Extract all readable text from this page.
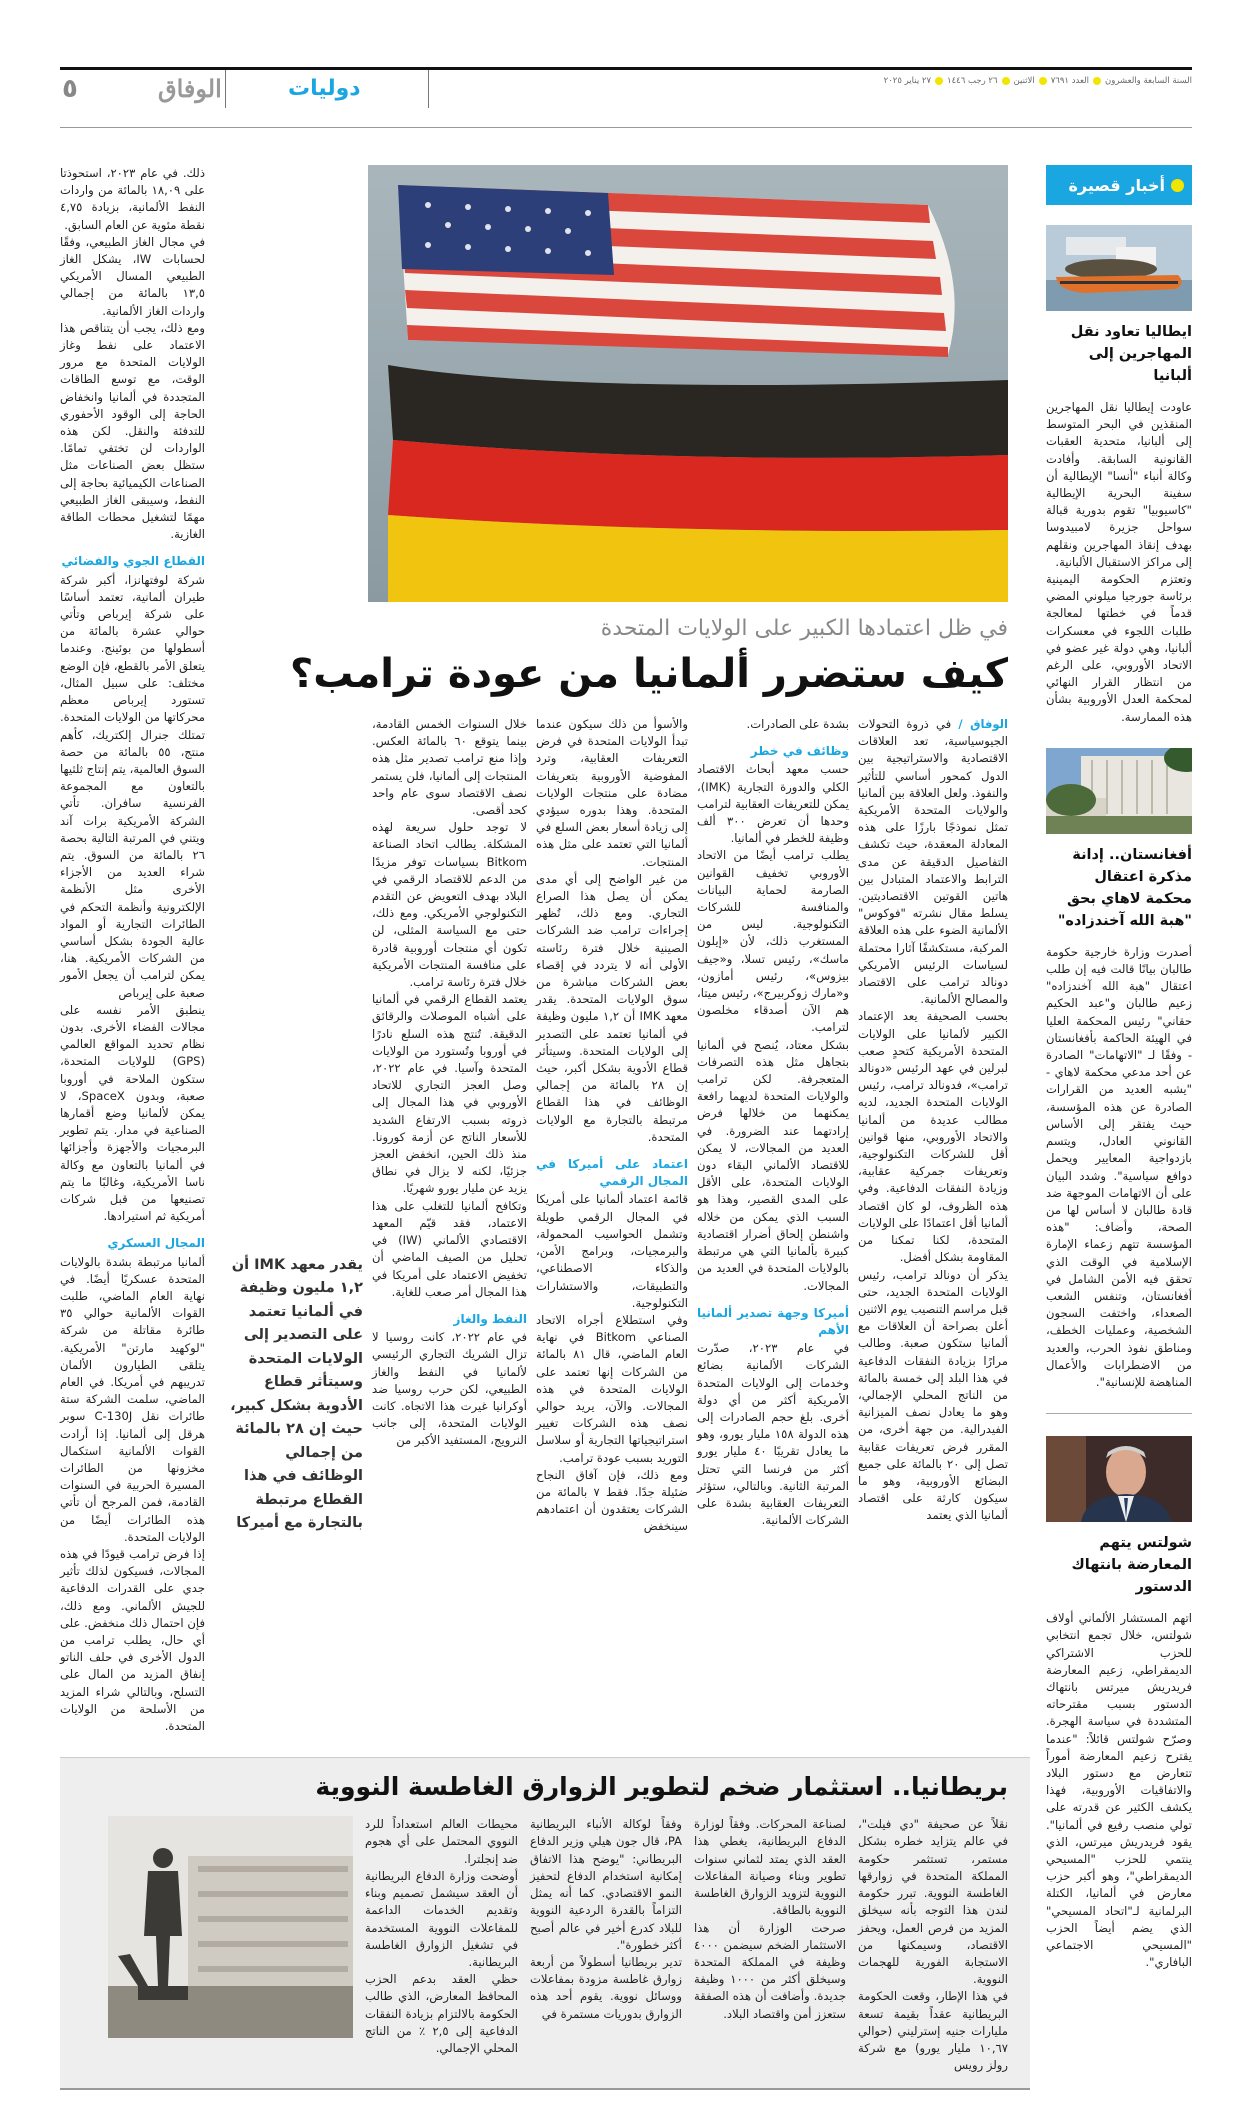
السنة السابعة والعشرون
العدد ٧٦٩١
الاثنين
٢٦ رجب ١٤٤٦
٢٧ يناير ٢٠٢٥
دوليات
الوفاق
٥
أخبار قصيرة
ايطاليا تعاود نقل المهاجرين إلى ألبانيا

عاودت إيطاليا نقل المهاجرين المنقذين في البحر المتوسط إلى ألبانيا، متحدية العقبات القانونية السابقة. وأفادت وكالة أنباء "أنسا" الإيطالية أن سفينة البحرية الإيطالية "كاسيوبيا" تقوم بدورية قبالة سواحل جزيرة لامبيدوسا بهدف إنقاذ المهاجرين ونقلهم إلى مراكز الاستقبال الألبانية.

وتعتزم الحكومة اليمينية برئاسة جورجيا ميلوني المضي قدماً في خطتها لمعالجة طلبات اللجوء في معسكرات ألبانيا، وهي دولة غير عضو في الاتحاد الأوروبي، على الرغم من انتظار القرار النهائي لمحكمة العدل الأوروبية بشأن هذه الممارسة.

أفغانستان.. إدانة مذكرة اعتقال محكمة لاهاي بحق "هبة الله آخندزاده"

أصدرت وزارة خارجية حكومة طالبان بيانًا قالت فيه إن طلب اعتقال "هبة الله آخندزاده" زعيم طالبان و"عبد الحكيم حقاني" رئيس المحكمة العليا في الهيئة الحاكمة بأفغانستان - وفقًا لـ "الاتهامات" الصادرة عن أحد مدعي محكمة لاهاي - "يشبه العديد من القرارات الصادرة عن هذه المؤسسة، حيث يفتقر إلى الأساس القانوني العادل، ويتسم بازدواجية المعايير ويحمل دوافع سياسية". وشدد البيان على أن الاتهامات الموجهة ضد قادة طالبان لا أساس لها من الصحة، وأضاف: "هذه المؤسسة تتهم زعماء الإمارة الإسلامية في الوقت الذي تحقق فيه الأمن الشامل في أفغانستان، وتنفس الشعب الصعداء، واختفت السجون الشخصية، وعمليات الخطف، ومناطق نفوذ الحرب، والعديد من الاضطرابات والأعمال المناهضة للإنسانية".

شولتس يتهم المعارضة بانتهاك الدستور

اتهم المستشار الألماني أولاف شولتس، خلال تجمع انتخابي للحزب الاشتراكي الديمقراطي، زعيم المعارضة فريدريش ميرتس بانتهاك الدستور بسبب مقترحاته المتشددة في سياسة الهجرة. وصرّح شولتس قائلاً: "عندما يقترح زعيم المعارضة أموراً تتعارض مع دستور البلاد والاتفاقيات الأوروبية، فهذا يكشف الكثير عن قدرته على تولي منصب رفيع في ألمانيا". يقود فريدريش ميرتس، الذي ينتمي للحزب "المسيحي الديمقراطي"، وهو أكبر حزب معارض في ألمانيا، الكتلة البرلمانية لـ"اتحاد المسيحي" الذي يضم أيضاً الحزب "المسيحي الاجتماعي البافاري".

في ظل اعتمادها الكبير على الولايات المتحدة
كيف ستضرر ألمانيا من عودة ترامب؟

الوفاق / في ذروة التحولات الجيوسياسية، تعد العلاقات الاقتصادية والاستراتيجية بين الدول كمحور أساسي للتأثير والنفوذ. ولعل العلاقة بين ألمانيا والولايات المتحدة الأمريكية تمثل نموذجًا بارزًا على هذه المعادلة المعقدة، حيث تكشف التفاصيل الدقيقة عن مدى الترابط والاعتماد المتبادل بين هاتين القوتين الاقتصاديتين. يسلط مقال نشرته "فوكوس" الألمانية الضوء على هذه العلاقة المركبة، مستكشفًا آثارا محتملة لسياسات الرئيس الأمريكي دونالد ترامب على الاقتصاد والمصالح الألمانية.

بحسب الصحيفة يعد الإعتماد الكبير لألمانيا على الولايات المتحدة الأمريكية كتحدٍ صعب لبرلين في عهد الرئيس «دونالد ترامب»، فدونالد ترامب، رئيس الولايات المتحدة الجديد، لديه مطالب عديدة من ألمانيا والاتحاد الأوروبي، منها قوانين أقل للشركات التكنولوجية، وتعريفات جمركية عقابية، وزيادة النفقات الدفاعية. وفي هذه الظروف، لو كان اقتصاد ألمانيا أقل اعتمادًا على الولايات المتحدة، لكنا تمكنا من المقاومة بشكل أفضل.

يذكر أن دونالد ترامب، رئيس الولايات المتحدة الجديد، حتى قبل مراسم التنصيب يوم الاثنين أعلن بصراحة أن العلاقات مع ألمانيا ستكون صعبة. وطالب مرارًا بزيادة النفقات الدفاعية في هذا البلد إلى خمسة بالمائة من الناتج المحلي الإجمالي، وهو ما يعادل نصف الميزانية الفيدرالية. من جهة أخرى، من المقرر فرض تعريفات عقابية تصل إلى ٢٠ بالمائة على جميع البضائع الأوروبية، وهو ما سيكون كارثة على اقتصاد ألمانيا الذي يعتمد

بشدة على الصادرات.

وظائف في خطر

حسب معهد أبحاث الاقتصاد الكلي والدورة التجارية (IMK)، يمكن للتعريفات العقابية لترامب وحدها أن تعرض ٣٠٠ ألف وظيفة للخطر في ألمانيا.

يطلب ترامب أيضًا من الاتحاد الأوروبي تخفيف القوانين الصارمة لحماية البيانات والمنافسة للشركات التكنولوجية. ليس من المستغرب ذلك، لأن «إيلون ماسك»، رئيس تسلا، و«جيف بيزوس»، رئيس أمازون، و«مارك زوكربيرج»، رئيس ميتا، هم الآن أصدقاء مخلصون لترامب.

بشكل معتاد، يُنصح في ألمانيا بتجاهل مثل هذه التصرفات المتعجرفة. لكن ترامب والولايات المتحدة لديهما رافعة يمكنهما من خلالها فرض إرادتهما عند الضرورة. في العديد من المجالات، لا يمكن للاقتصاد الألماني البقاء دون الولايات المتحدة، على الأقل على المدى القصير، وهذا هو السبب الذي يمكن من خلاله واشنطن إلحاق أضرار اقتصادية كبيرة بألمانيا التي هي مرتبطة بالولايات المتحدة في العديد من المجالات.

أميركا وجهة تصدير ألمانيا الأهم

في عام ٢٠٢٣، صدّرت الشركات الألمانية بضائع وخدمات إلى الولايات المتحدة الأمريكية أكثر من أي دولة أخرى. بلغ حجم الصادرات إلى هذه الدولة ١٥٨ مليار يورو، وهو ما يعادل تقريبًا ٤٠ مليار يورو أكثر من فرنسا التي تحتل المرتبة الثانية. وبالتالي، ستؤثر التعريفات العقابية بشدة على الشركات الألمانية.

والأسوأ من ذلك سيكون عندما تبدأ الولايات المتحدة في فرض التعريفات العقابية، وترد المفوضية الأوروبية بتعريفات مضادة على منتجات الولايات المتحدة. وهذا بدوره سيؤدي إلى زيادة أسعار بعض السلع في ألمانيا التي تعتمد على مثل هذه المنتجات.

من غير الواضح إلى أي مدى يمكن أن يصل هذا الصراع التجاري. ومع ذلك، تُظهر إجراءات ترامب ضد الشركات الصينية خلال فترة رئاسته الأولى أنه لا يتردد في إقصاء بعض الشركات مباشرة من سوق الولايات المتحدة. يقدر معهد IMK أن ١,٢ مليون وظيفة في ألمانيا تعتمد على التصدير إلى الولايات المتحدة. وسيتأثر قطاع الأدوية بشكل أكبر، حيث إن ٢٨ بالمائة من إجمالي الوظائف في هذا القطاع مرتبطة بالتجارة مع الولايات المتحدة.

اعتماد على أميركا في المجال الرقمي

قائمة اعتماد ألمانيا على أمريكا في المجال الرقمي طويلة وتشمل الحواسيب المحمولة، والبرمجيات، وبرامج الأمن، والذكاء الاصطناعي، والتطبيقات، والاستشارات التكنولوجية.

وفي استطلاع أجراه الاتحاد الصناعي Bitkom في نهاية العام الماضي، قال ٨١ بالمائة من الشركات إنها تعتمد على الولايات المتحدة في هذه المجالات. والآن، يريد حوالي نصف هذه الشركات تغيير استراتيجياتها التجارية أو سلاسل التوريد بسبب عودة ترامب.

ومع ذلك، فإن آفاق النجاح ضئيلة جدًا. فقط ٧ بالمائة من الشركات يعتقدون أن اعتمادهم سينخفض

خلال السنوات الخمس القادمة، بينما يتوقع ٦٠ بالمائة العكس. وإذا منع ترامب تصدير مثل هذه المنتجات إلى ألمانيا، فلن يستمر نصف الاقتصاد سوى عام واحد كحد أقصى.

لا توجد حلول سريعة لهذه المشكلة. يطالب اتحاد الصناعة Bitkom بسياسات توفر مزيدًا من الدعم للاقتصاد الرقمي في البلاد بهدف التعويض عن التقدم التكنولوجي الأمريكي. ومع ذلك، حتى مع السياسة المثلى، لن تكون أي منتجات أوروبية قادرة على منافسة المنتجات الأمريكية خلال فترة رئاسة ترامب.

يعتمد القطاع الرقمي في ألمانيا على أشباه الموصلات والرقائق الدقيقة. تُنتج هذه السلع نادرًا في أوروبا وتُستورد من الولايات المتحدة وآسيا. في عام ٢٠٢٢، وصل العجز التجاري للاتحاد الأوروبي في هذا المجال إلى ذروته بسبب الارتفاع الشديد للأسعار الناتج عن أزمة كورونا. منذ ذلك الحين، انخفض العجز جزئيًا، لكنه لا يزال في نطاق يزيد عن مليار يورو شهريًا.

وتكافح ألمانيا للتغلب على هذا الاعتماد، فقد قيّم المعهد الاقتصادي الألماني (IW) في تحليل من الصيف الماضي أن تخفيض الاعتماد على أمريكا في هذا المجال أمر صعب للغاية.

النفط والغاز

في عام ٢٠٢٢، كانت روسيا لا تزال الشريك التجاري الرئيسي لألمانيا في النفط والغاز الطبيعي، لكن حرب روسيا ضد أوكرانيا غيرت هذا الاتجاه. كانت الولايات المتحدة، إلى جانب النرويج، المستفيد الأكبر من

يقدر معهد IMK أن ١,٢ مليون وظيفة في ألمانيا تعتمد على التصدير إلى الولايات المتحدة وسيتأثر قطاع الأدوية بشكل كبير، حيث إن ٢٨ بالمائة من إجمالي الوظائف في هذا القطاع مرتبطة بالتجارة مع أميركا

ذلك. في عام ٢٠٢٣، استحوذتا على ١٨,٠٩ بالمائة من واردات النفط الألمانية، بزيادة ٤,٧٥ نقطة مئوية عن العام السابق.

في مجال الغاز الطبيعي، وفقًا لحسابات IW، يشكل الغاز الطبيعي المسال الأمريكي ١٣,٥ بالمائة من إجمالي واردات الغاز الألمانية.

ومع ذلك، يجب أن يتناقص هذا الاعتماد على نفط وغاز الولايات المتحدة مع مرور الوقت، مع توسع الطاقات المتجددة في ألمانيا وانخفاض الحاجة إلى الوقود الأحفوري للتدفئة والنقل. لكن هذه الواردات لن تختفي تمامًا. ستظل بعض الصناعات مثل الصناعات الكيميائية بحاجة إلى النفط، وسيبقى الغاز الطبيعي مهمًا لتشغيل محطات الطاقة الغازية.

القطاع الجوي والفضائي

شركة لوفتهانزا، أكبر شركة طيران ألمانية، تعتمد أساسًا على شركة إيرباص وتأتي حوالي عشرة بالمائة من أسطولها من بوئينج. وعندما يتعلق الأمر بالقطع، فإن الوضع مختلف: على سبيل المثال، تستورد إيرباص معظم محركاتها من الولايات المتحدة. تمتلك جنرال إلكتريك، كأهم منتج، ٥٥ بالمائة من حصة السوق العالمية، يتم إنتاج ثلثيها بالتعاون مع المجموعة الفرنسية سافران. تأتي الشركة الأمريكية برات آند ويتني في المرتبة التالية بحصة ٢٦ بالمائة من السوق. يتم شراء العديد من الأجزاء الأخرى مثل الأنظمة الإلكترونية وأنظمة التحكم في الطائرات التجارية أو المواد عالية الجودة بشكل أساسي من الشركات الأمريكية. هنا، يمكن لترامب أن يجعل الأمور صعبة على إيرباص

ينطبق الأمر نفسه على مجالات الفضاء الأخرى. بدون نظام تحديد المواقع العالمي (GPS) للولايات المتحدة، ستكون الملاحة في أوروبا صعبة، وبدون SpaceX، لا يمكن لألمانيا وضع أقمارها الصناعية في مدار. يتم تطوير البرمجيات والأجهزة وأجزائها في ألمانيا بالتعاون مع وكالة ناسا الأمريكية، وغالبًا ما يتم تصنيعها من قبل شركات أمريكية ثم استيرادها.

المجال العسكري

ألمانيا مرتبطة بشدة بالولايات المتحدة عسكريًا أيضًا. في نهاية العام الماضي، طلبت القوات الألمانية حوالي ٣٥ طائرة مقاتلة من شركة "لوكهيد مارتن" الأمريكية. يتلقى الطيارون الألمان تدريبهم في أمريكا. في العام الماضي، سلمت الشركة ستة طائرات نقل C-130J سوبر هرقل إلى ألمانيا. إذا أرادت القوات الألمانية استكمال مخزونها من الطائرات المسيرة الحربية في السنوات القادمة، فمن المرجح أن تأتي هذه الطائرات أيضًا من الولايات المتحدة.

إذا فرض ترامب قيودًا في هذه المجالات، فسيكون لذلك تأثير جدي على القدرات الدفاعية للجيش الألماني. ومع ذلك، فإن احتمال ذلك منخفض. على أي حال، يطلب ترامب من الدول الأخرى في حلف الناتو إنفاق المزيد من المال على التسلح، وبالتالي شراء المزيد من الأسلحة من الولايات المتحدة.

بريطانيا.. استثمار ضخم لتطوير الزوارق الغاطسة النووية

نقلاً عن صحيفة "دي فيلت"، في عالم يتزايد خطره بشكل مستمر، تستثمر حكومة المملكة المتحدة في زوارقها الغاطسة النووية. تبرر حكومة لندن هذا التوجه بأنه سيخلق المزيد من فرص العمل، ويحفز الاقتصاد، وسيمكنها من الاستجابة الفورية للهجمات النووية.

في هذا الإطار، وقعت الحكومة البريطانية عقداً بقيمة تسعة مليارات جنيه إسترليني (حوالي ١٠,٦٧ مليار يورو) مع شركة رولز رويس

لصناعة المحركات. وفقاً لوزارة الدفاع البريطانية، يغطي هذا العقد الذي يمتد لثماني سنوات تطوير وبناء وصيانة المفاعلات النووية لتزويد الزوارق الغاطسة النووية بالطاقة.

صرحت الوزارة أن هذا الاستثمار الضخم سيضمن ٤٠٠٠ وظيفة في المملكة المتحدة وسيخلق أكثر من ١٠٠٠ وظيفة جديدة. وأضافت أن هذه الصفقة ستعزز أمن واقتصاد البلاد.

وفقاً لوكالة الأنباء البريطانية PA، قال جون هيلي وزير الدفاع البريطاني: "يوضح هذا الاتفاق إمكانية استخدام الدفاع لتحفيز النمو الاقتصادي. كما أنه يمثل التزاماً بالقدرة الردعية النووية للبلاد كدرع أخير في عالم أصبح أكثر خطورة".

تدير بريطانيا أسطولاً من أربعة زوارق غاطسة مزودة بمفاعلات ووسائل نووية. يقوم أحد هذه الزوارق بدوريات مستمرة في

محيطات العالم استعداداً للرد النووي المحتمل على أي هجوم ضد إنجلترا.

أوضحت وزارة الدفاع البريطانية أن العقد سيشمل تصميم وبناء وتقديم الخدمات الداعمة للمفاعلات النووية المستخدمة في تشغيل الزوارق الغاطسة البريطانية.

حظي العقد بدعم الحزب المحافظ المعارض، الذي طالب الحكومة بالالتزام بزيادة النفقات الدفاعية إلى ٢,٥ ٪ من الناتج المحلي الإجمالي.
